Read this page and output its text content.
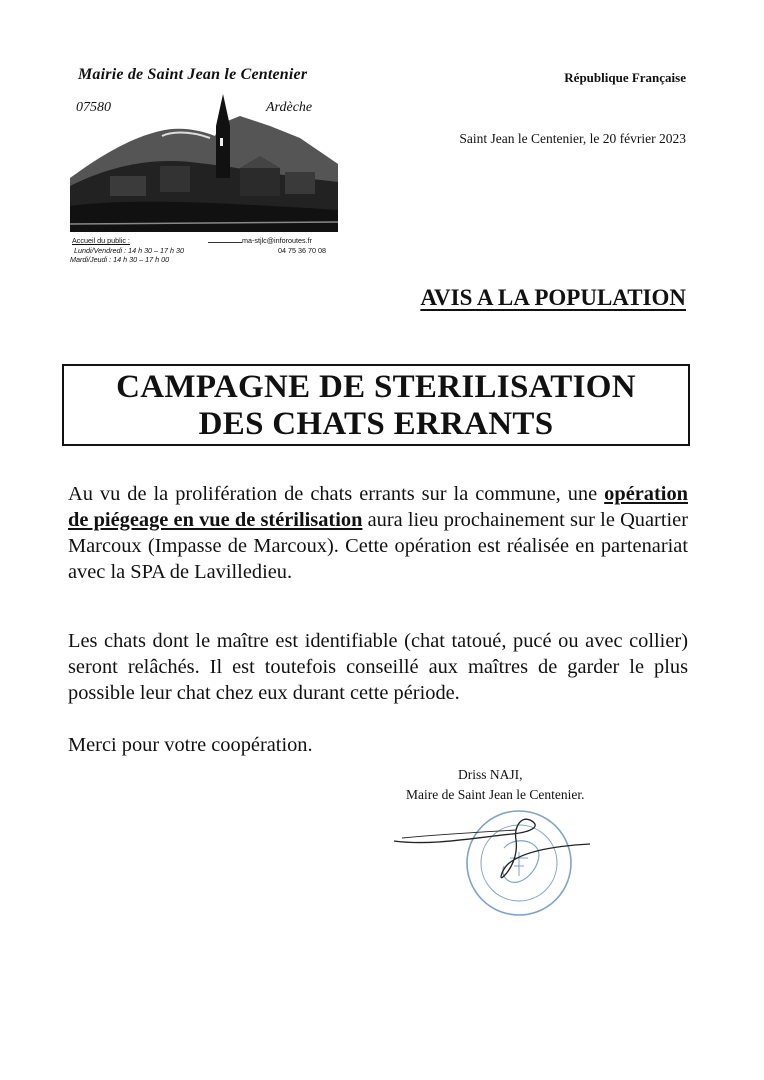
Mairie de Saint Jean le Centenier
07580	Ardèche
Accueil du public :
Lundi/Vendredi : 14 h 30 – 17 h 30
Mardi/Jeudi : 14 h 30 – 17 h 00
ma-stjlc@inforoutes.fr
04 75 36 70 08
République Française
Saint Jean le Centenier, le 20 février 2023
AVIS A LA POPULATION
CAMPAGNE DE STERILISATION
DES CHATS ERRANTS
Au vu de la prolifération de chats errants sur la commune, une opération de piégeage en vue de stérilisation aura lieu prochainement sur le Quartier Marcoux (Impasse de Marcoux). Cette opération est réalisée en partenariat avec la SPA de Lavilledieu.
Les chats dont le maître est identifiable (chat tatoué, pucé ou avec collier) seront relâchés. Il est toutefois conseillé aux maîtres de garder le plus possible leur chat chez eux durant cette période.
Merci pour votre coopération.
Driss NAJI,
Maire de Saint Jean le Centenier.
